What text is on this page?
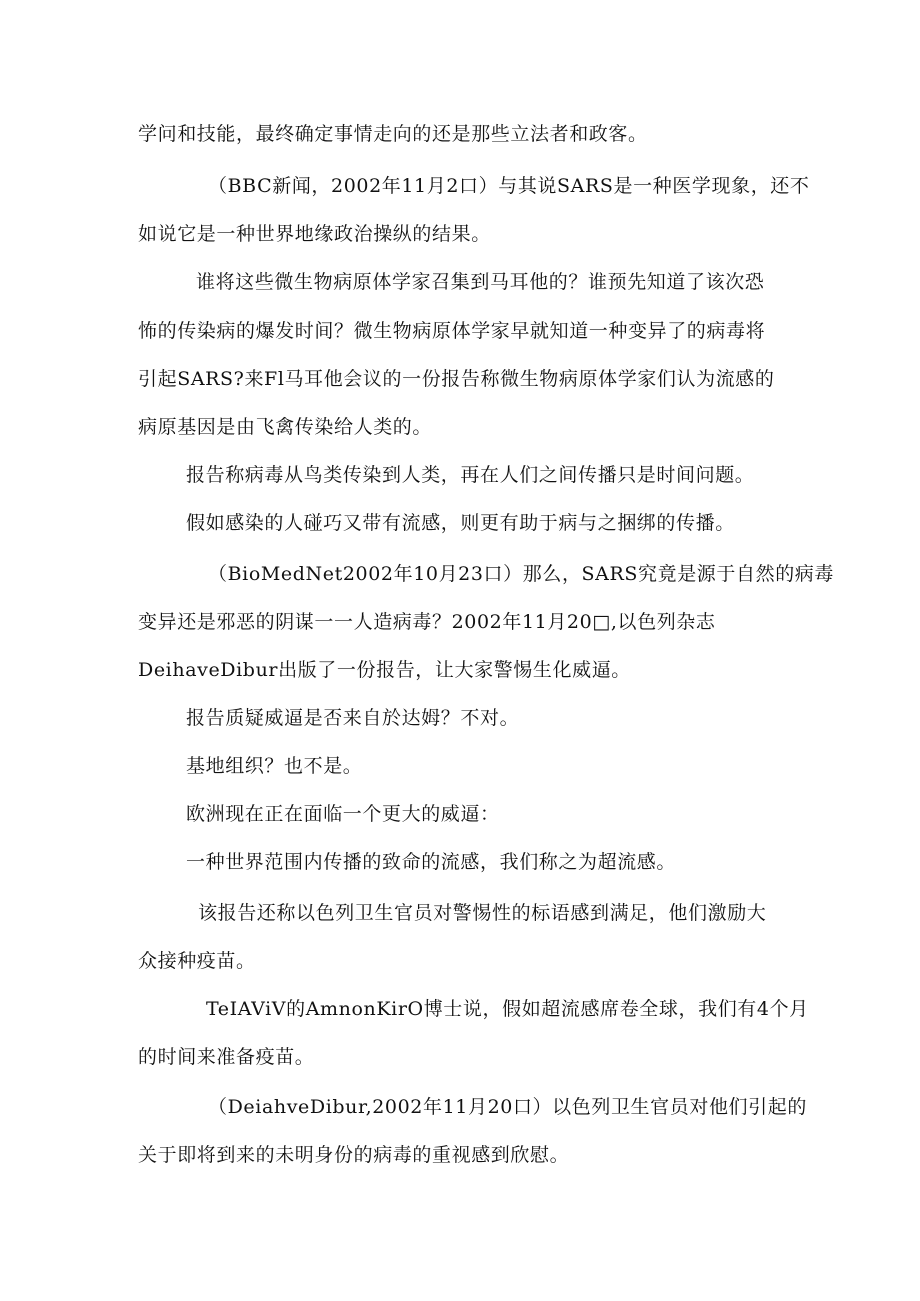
学问和技能，最终确定事情走向的还是那些立法者和政客。
（BBC新闻，2002年11月2口）与其说SARS是一种医学现象，还不
如说它是一种世界地缘政治操纵的结果。
谁将这些微生物病原体学家召集到马耳他的？谁预先知道了该次恐
怖的传染病的爆发时间？微生物病原体学家早就知道一种变异了的病毒将
引起SARS?来Fl马耳他会议的一份报告称微生物病原体学家们认为流感的
病原基因是由飞禽传染给人类的。
报告称病毒从鸟类传染到人类，再在人们之间传播只是时间问题。
假如感染的人碰巧又带有流感，则更有助于病与之捆绑的传播。
（BioMedNet2002年10月23口）那么，SARS究竟是源于自然的病毒
变异还是邪恶的阴谋一一人造病毒？2002年11月20□,以色列杂志
DeihaveDibur出版了一份报告，让大家警惕生化威逼。
报告质疑威逼是否来自於达姆？不对。
基地组织？也不是。
欧洲现在正在面临一个更大的威逼：
一种世界范围内传播的致命的流感，我们称之为超流感。
该报告还称以色列卫生官员对警惕性的标语感到满足，他们激励大
众接种疫苗。
TeIAViV的AmnonKirO博士说，假如超流感席卷全球，我们有4个月
的时间来准备疫苗。
（DeiahveDibur,2002年11月20口）以色列卫生官员对他们引起的
关于即将到来的未明身份的病毒的重视感到欣慰。
